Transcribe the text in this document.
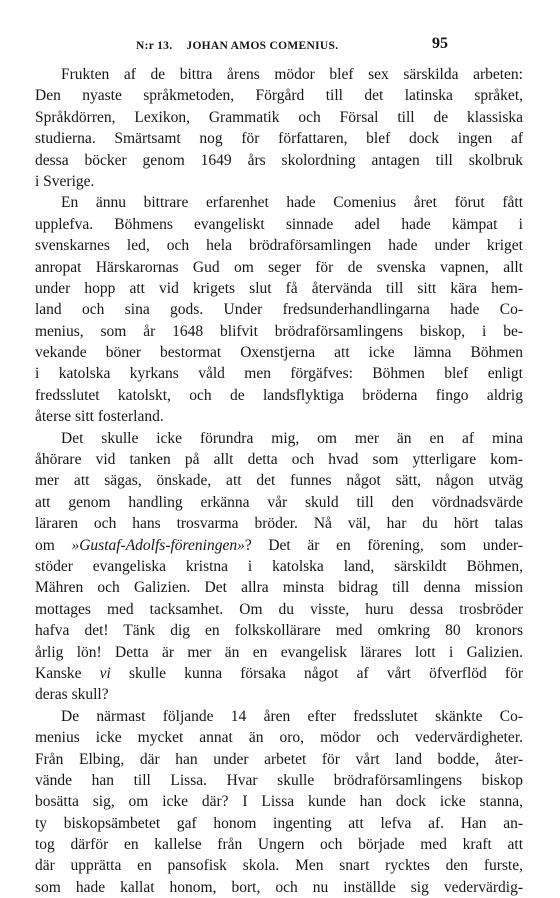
N:r 13. JOHAN AMOS COMENIUS.	95
Frukten af de bittra årens mödor blef sex särskilda arbeten:
Den nyaste språkmetoden, Förgård till det latinska språket,
Språkdörren, Lexikon, Grammatik och Försal till de klassiska
studierna. Smärtsamt nog för författaren, blef dock ingen af
dessa böcker genom 1649 års skolordning antagen till skolbruk
i Sverige.
En ännu bittrare erfarenhet hade Comenius året förut fått
upplefva. Böhmens evangeliskt sinnade adel hade kämpat i
svenskarnes led, och hela brödraförsamlingen hade under kriget
anropat Härskarornas Gud om seger för de svenska vapnen, allt
under hopp att vid krigets slut få återvända till sitt kära hem-
land och sina gods. Under fredsunderhandlingarna hade Co-
menius, som år 1648 blifvit brödraförsamlingens biskop, i be-
vekande böner bestormat Oxenstjerna att icke lämna Böhmen
i katolska kyrkans våld men förgäfves: Böhmen blef enligt
fredsslutet katolskt, och de landsflyktiga bröderna fingo aldrig
återse sitt fosterland.
Det skulle icke förundra mig, om mer än en af mina
åhörare vid tanken på allt detta och hvad som ytterligare kom-
mer att sägas, önskade, att det funnes något sätt, någon utväg
att genom handling erkänna vår skuld till den vördnadsvärde
läraren och hans trosvarma bröder. Nå väl, har du hört talas
om »Gustaf-Adolfs-föreningen»? Det är en förening, som under-
stöder evangeliska kristna i katolska land, särskildt Böhmen,
Mähren och Galizien. Det allra minsta bidrag till denna mission
mottages med tacksamhet. Om du visste, huru dessa trosbröder
hafva det! Tänk dig en folkskollärare med omkring 80 kronors
årlig lön! Detta är mer än en evangelisk lärares lott i Galizien.
Kanske vi skulle kunna försaka något af vårt öfverflöd för
deras skull?
De närmast följande 14 åren efter fredsslutet skänkte Co-
menius icke mycket annat än oro, mödor och vedervärdigheter.
Från Elbing, där han under arbetet för vårt land bodde, åter-
vände han till Lissa. Hvar skulle brödraförsamlingens biskop
bosätta sig, om icke där? I Lissa kunde han dock icke stanna,
ty biskopsämbetet gaf honom ingenting att lefva af. Han an-
tog därför en kallelse från Ungern och började med kraft att
där upprätta en pansofisk skola. Men snart rycktes den furste,
som hade kallat honom, bort, och nu inställde sig vedervärdig-
